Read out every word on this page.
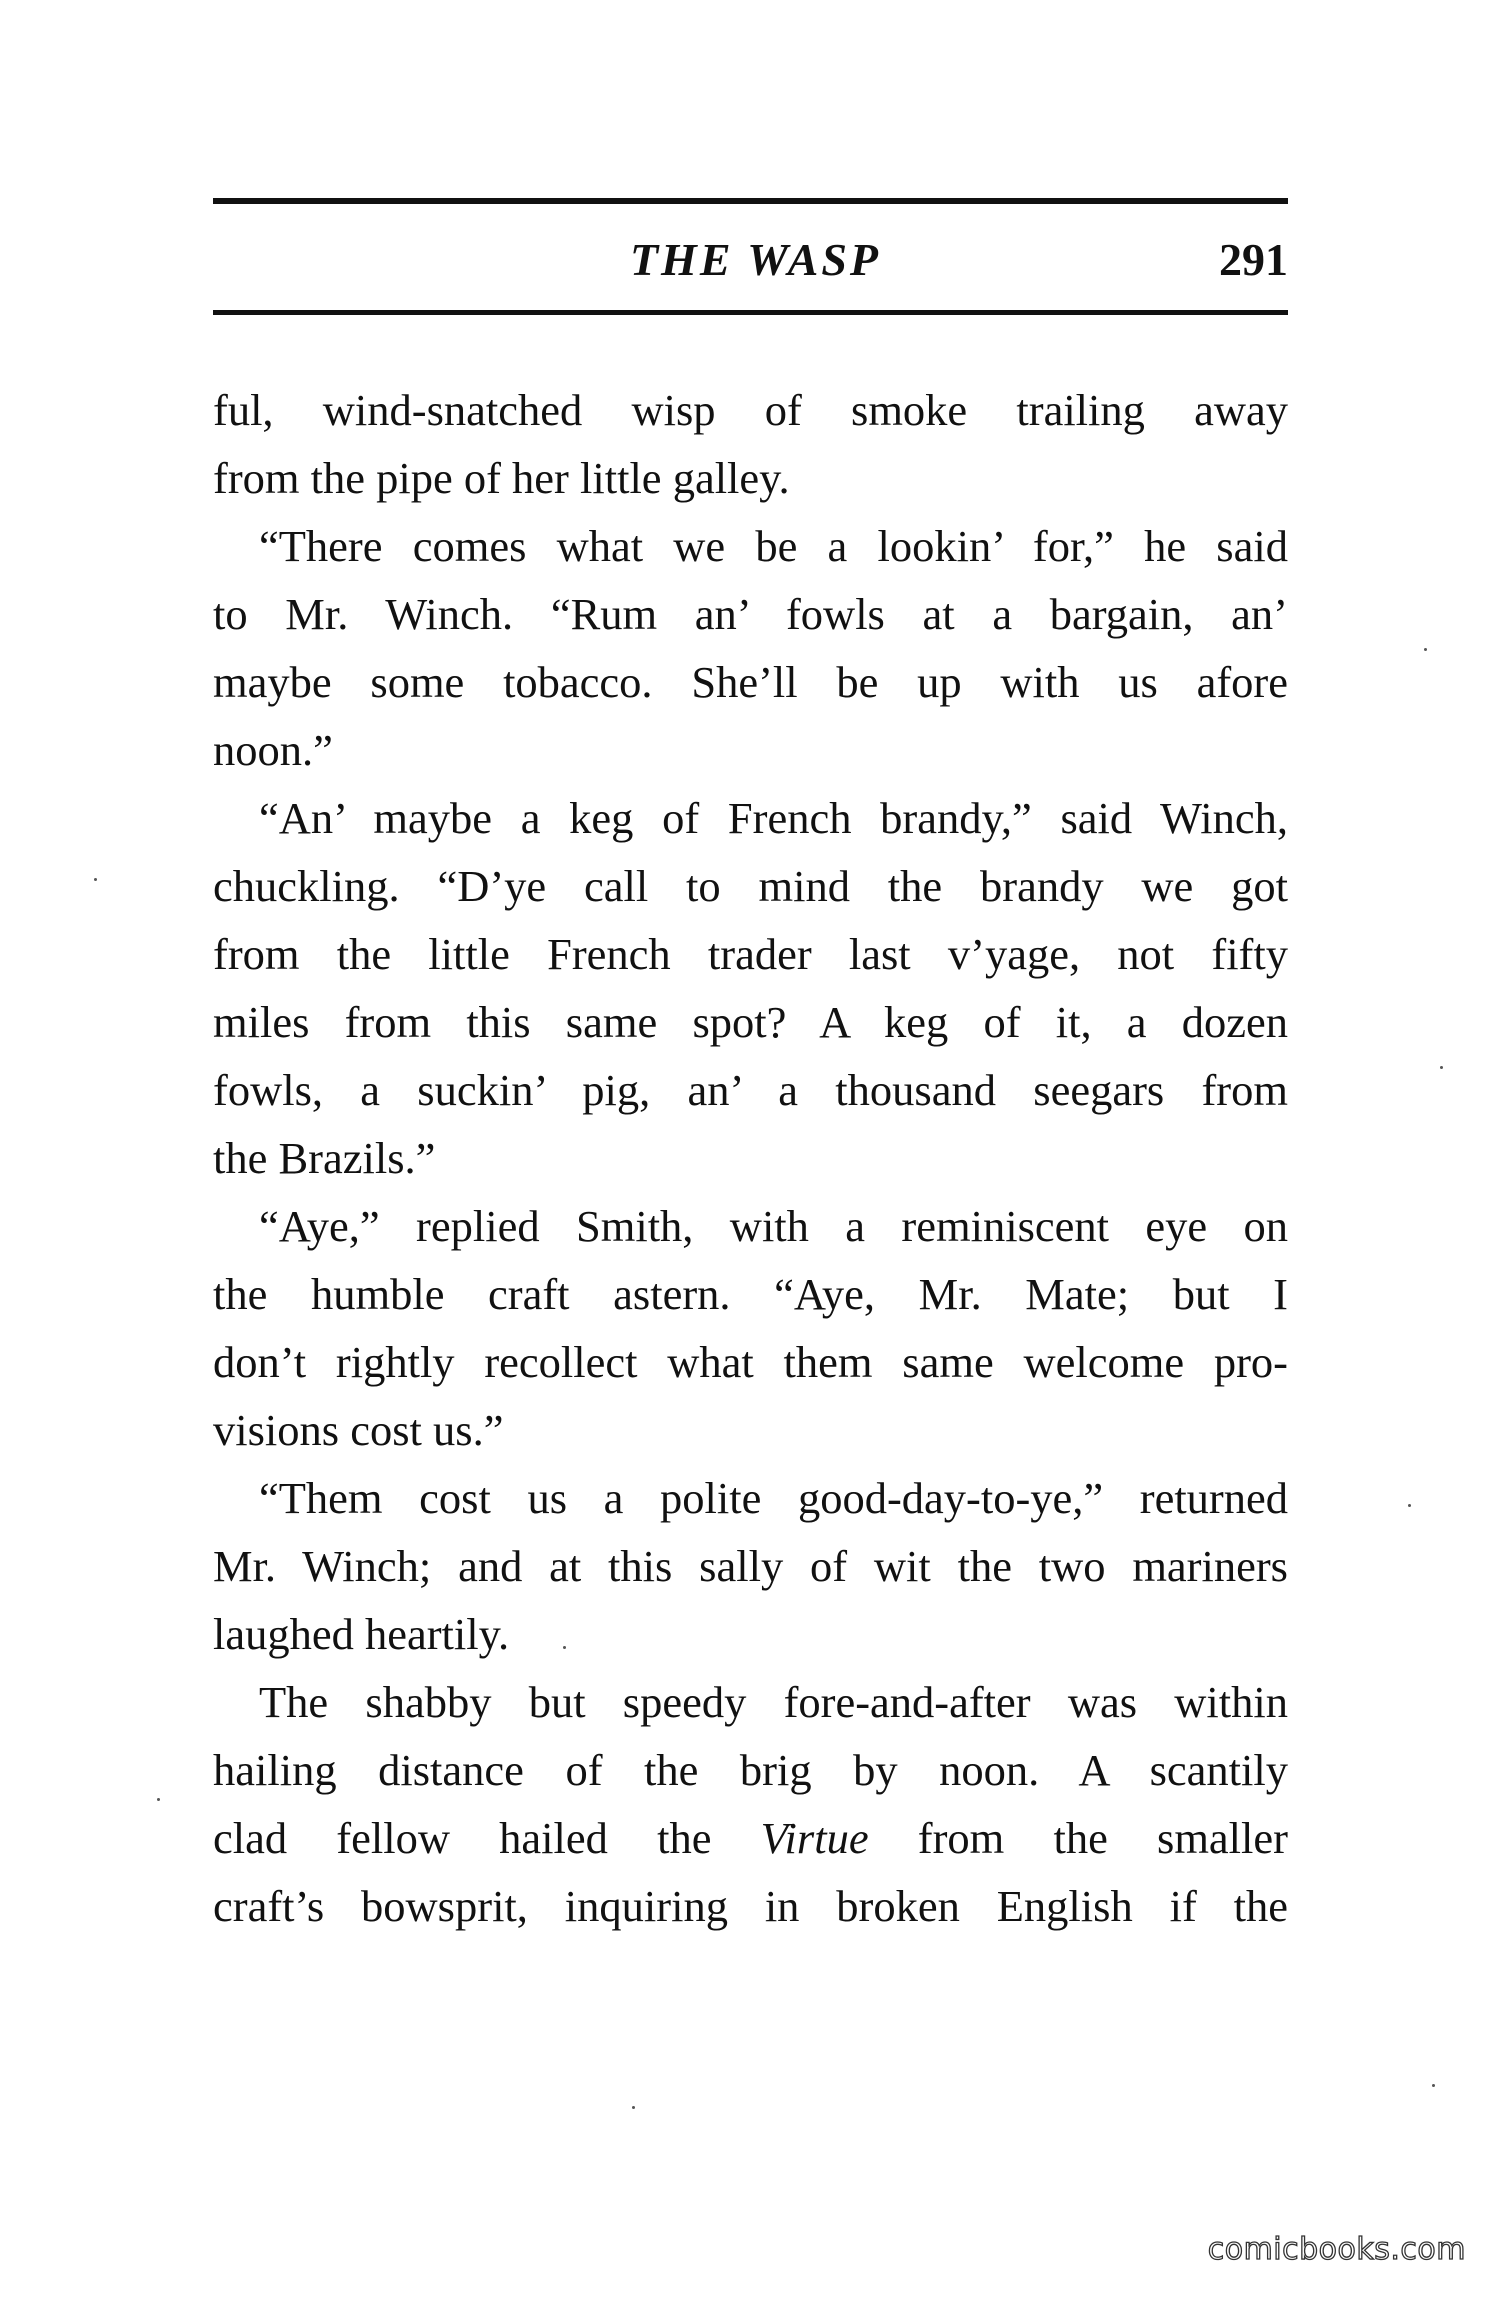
THE WASP	291
ful, wind-snatched wisp of smoke trailing away
from the pipe of her little galley.
“There comes what we be a lookin’ for,” he said
to Mr. Winch. “Rum an’ fowls at a bargain, an’
maybe some tobacco. She’ll be up with us afore
noon.”
“An’ maybe a keg of French brandy,” said Winch,
chuckling. “D’ye call to mind the brandy we got
from the little French trader last v’yage, not fifty
miles from this same spot? A keg of it, a dozen
fowls, a suckin’ pig, an’ a thousand seegars from
the Brazils.”
“Aye,” replied Smith, with a reminiscent eye on
the humble craft astern. “Aye, Mr. Mate; but I
don’t rightly recollect what them same welcome pro-
visions cost us.”
“Them cost us a polite good-day-to-ye,” returned
Mr. Winch; and at this sally of wit the two mariners
laughed heartily.
The shabby but speedy fore-and-after was within
hailing distance of the brig by noon. A scantily
clad fellow hailed the Virtue from the smaller
craft’s bowsprit, inquiring in broken English if the
comicbooks.com
